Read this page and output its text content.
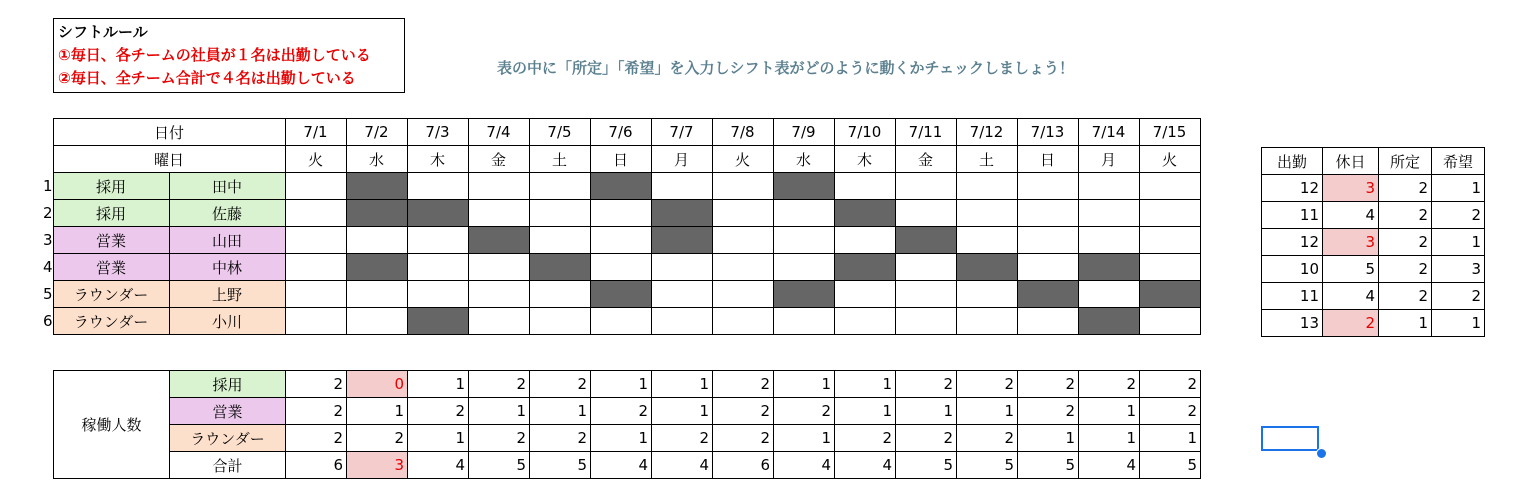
シフトルール
①毎日、各チームの社員が１名は出勤している
②毎日、全チーム合計で４名は出勤している
表の中に「所定」「希望」を入力しシフト表がどのように動くかチェックしましょう！
	日付		7/1	7/2	7/3	7/4	7/5	7/6	7/7	7/8	7/9	7/10	7/11	7/12	7/13	7/14	7/15
	曜日		火	水	木	金	土	日	月	火	水	木	金	土	日	月	火
1	採用	田中															
2	採用	佐藤															
3	営業	山田															
4	営業	中林															
5	ラウンダー	上野															
6	ラウンダー	小川															
出勤	休日	所定	希望
12	3	2	1
11	4	2	2
12	3	2	1
10	5	2	3
11	4	2	2
13	2	1	1
稼働人数	採用	2	0	1	2	2	1	1	2	1	1	2	2	2	2	2
	営業	2	1	2	1	1	2	1	2	2	1	1	1	2	1	2
	ラウンダー	2	2	1	2	2	1	2	2	1	2	2	2	1	1	1
	合計	6	3	4	5	5	4	4	6	4	4	5	5	5	4	5
